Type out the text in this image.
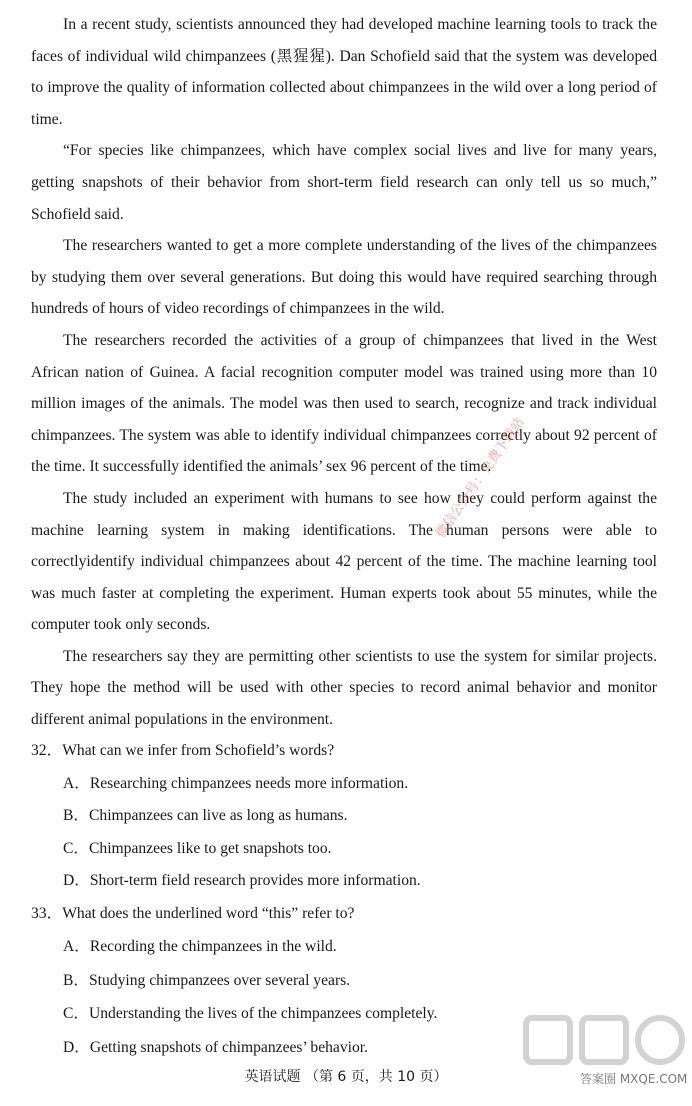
In a recent study, scientists announced they had developed machine learning tools to track the faces of individual wild chimpanzees (黑猩猩). Dan Schofield said that the system was developed to improve the quality of information collected about chimpanzees in the wild over a long period of time.

“For species like chimpanzees, which have complex social lives and live for many years, getting snapshots of their behavior from short-term field research can only tell us so much,” Schofield said.

The researchers wanted to get a more complete understanding of the lives of the chimpanzees by studying them over several generations. But doing this would have required searching through hundreds of hours of video recordings of chimpanzees in the wild.

The researchers recorded the activities of a group of chimpanzees that lived in the West African nation of Guinea. A facial recognition computer model was trained using more than 10 million images of the animals. The model was then used to search, recognize and track individual chimpanzees. The system was able to identify individual chimpanzees correctly about 92 percent of the time. It successfully identified the animals’ sex 96 percent of the time.

The study included an experiment with humans to see how they could perform against the machine learning system in making identifications. The human persons were able to correctlyidentify individual chimpanzees about 42 percent of the time. The machine learning tool was much faster at completing the experiment. Human experts took about 55 minutes, while the computer took only seconds.

The researchers say they are permitting other scientists to use the system for similar projects. They hope the method will be used with other species to record animal behavior and monitor different animal populations in the environment.

32．What can we infer from Schofield’s words?

A．Researching chimpanzees needs more information.

B．Chimpanzees can live as long as humans.

C．Chimpanzees like to get snapshots too.

D．Short-term field research provides more information.

33．What does the underlined word “this” refer to?

A．Recording the chimpanzees in the wild.

B．Studying chimpanzees over several years.

C．Understanding the lives of the chimpanzees completely.

D．Getting snapshots of chimpanzees’ behavior.

微信公众号：免费下载站
答案圈 MXQE.COM
英语试题 （第 6 页，共 10 页）
